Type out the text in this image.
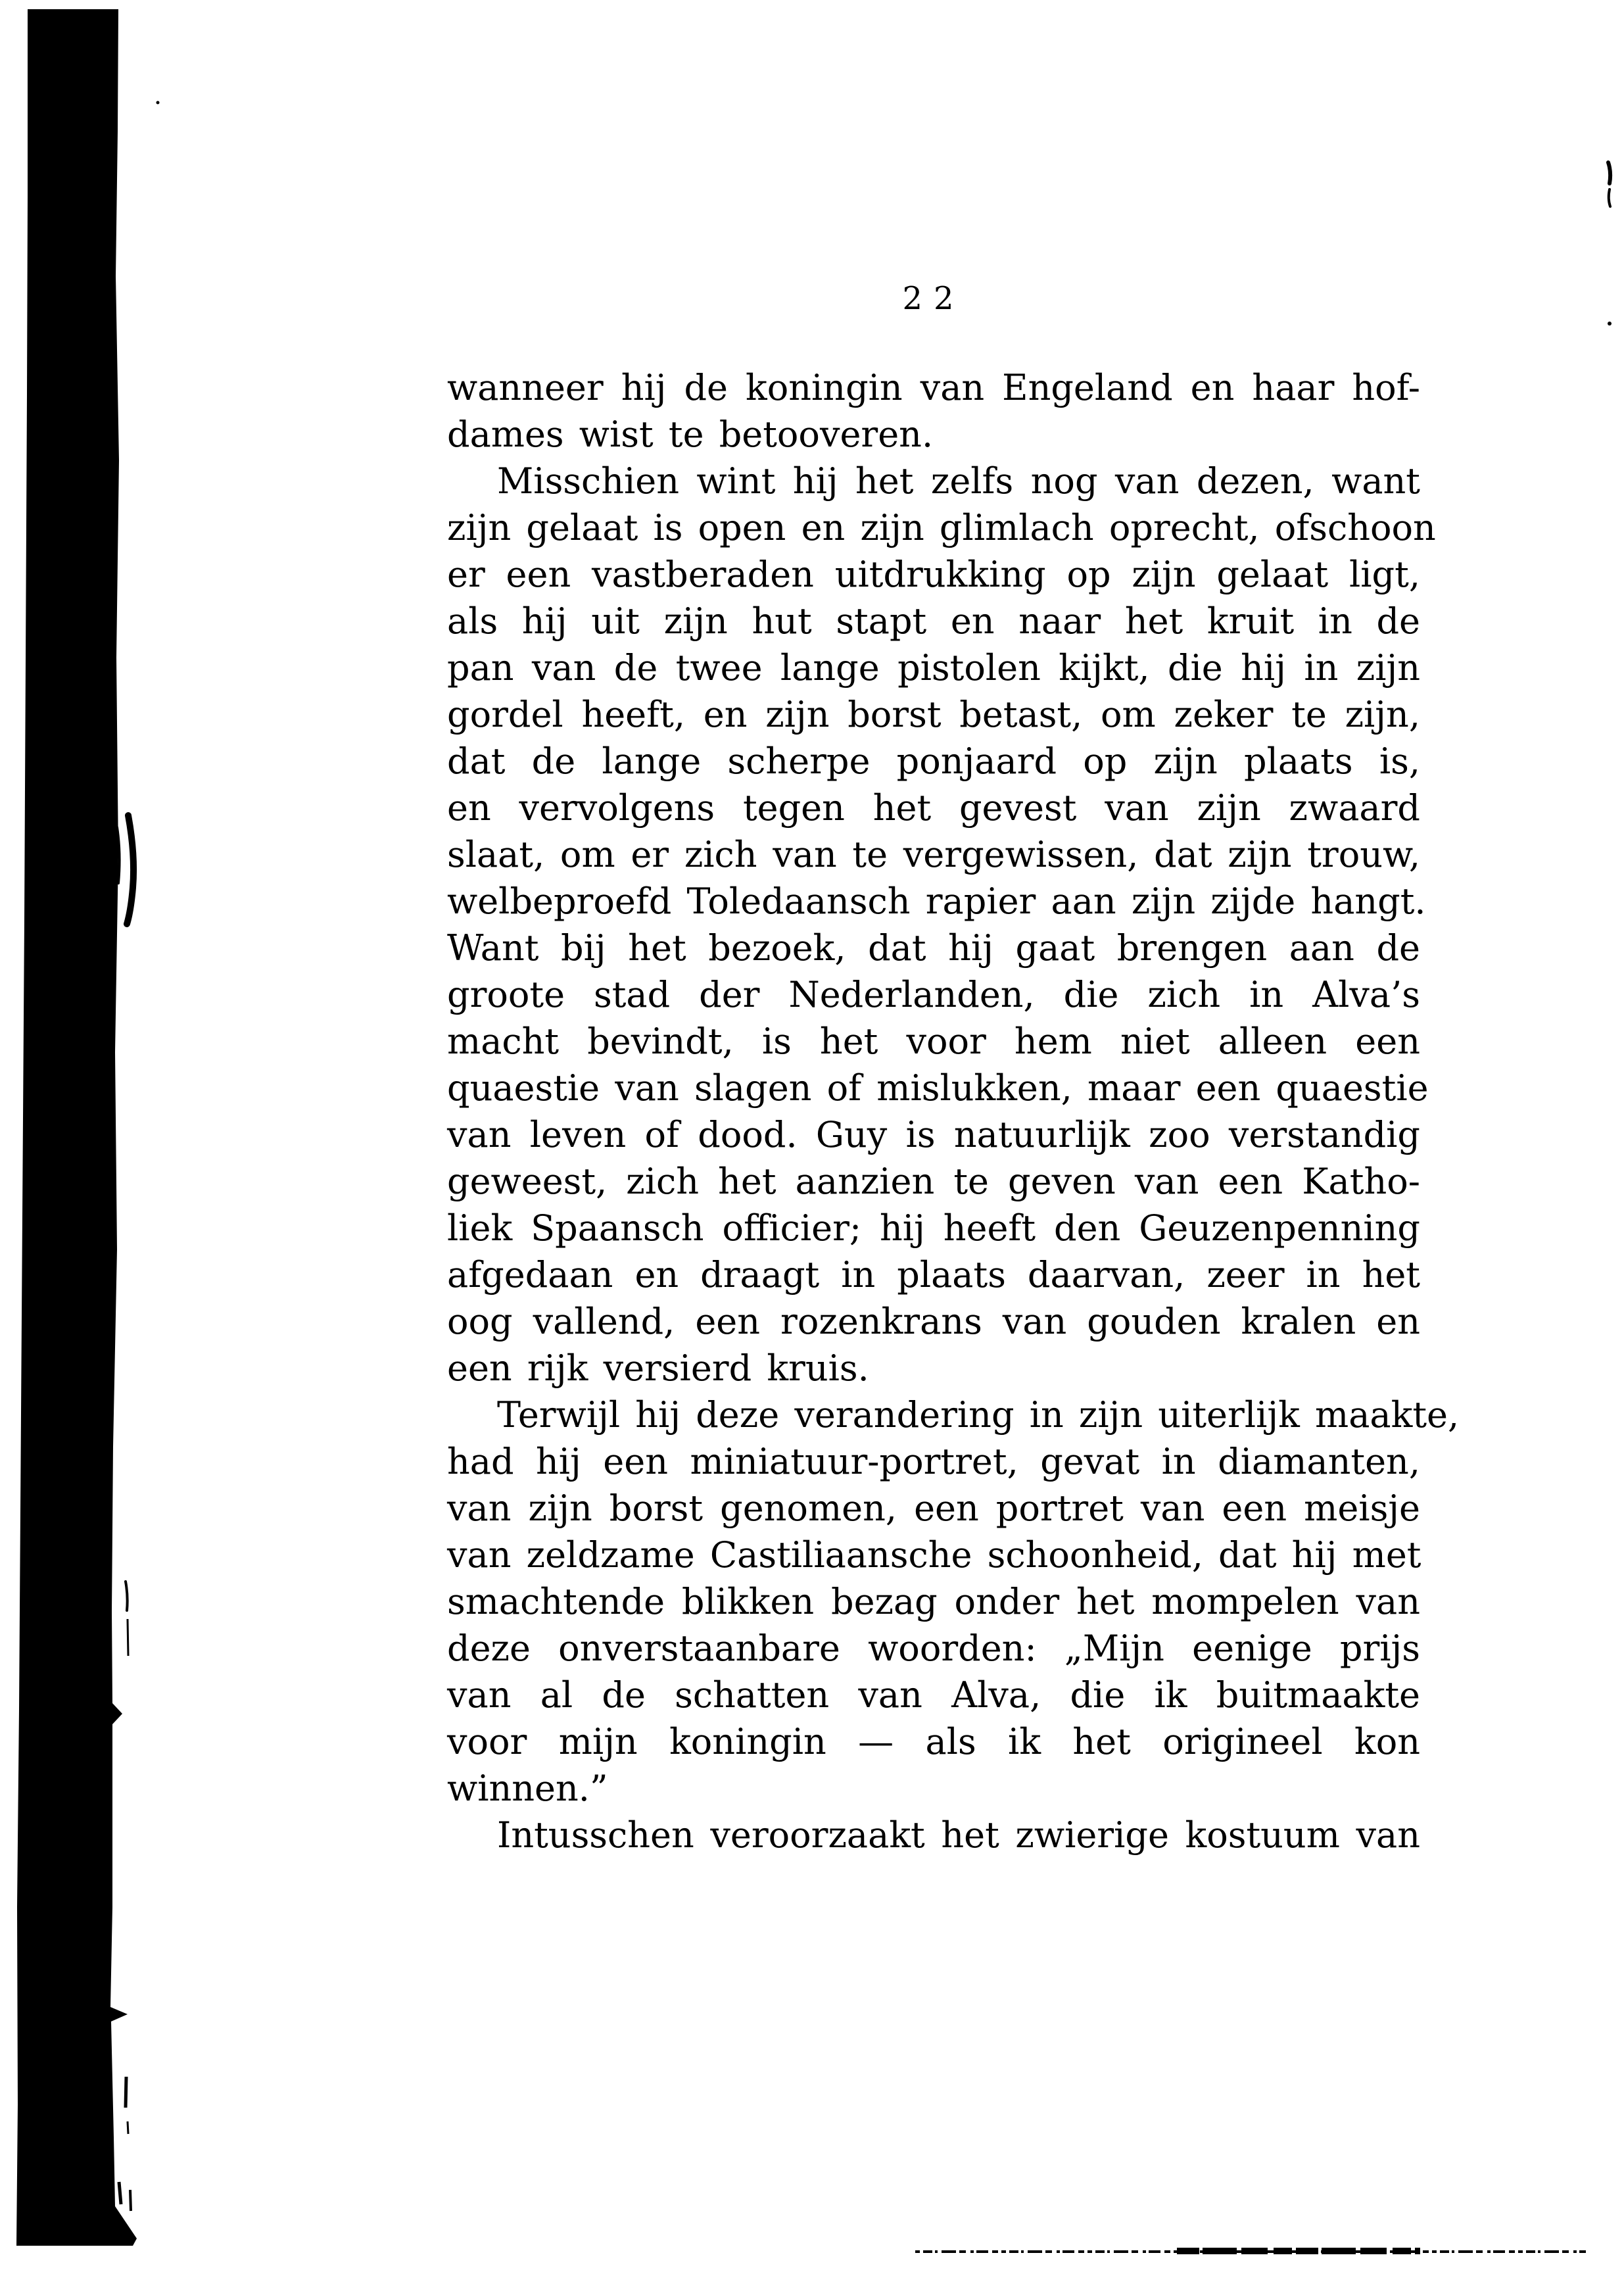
22
wanneer hij de koningin van Engeland en haar hof-
dames wist te betooveren.
Misschien wint hij het zelfs nog van dezen, want
zijn gelaat is open en zijn glimlach oprecht, ofschoon
er een vastberaden uitdrukking op zijn gelaat ligt,
als hij uit zijn hut stapt en naar het kruit in de
pan van de twee lange pistolen kijkt, die hij in zijn
gordel heeft, en zijn borst betast, om zeker te zijn,
dat de lange scherpe ponjaard op zijn plaats is,
en vervolgens tegen het gevest van zijn zwaard
slaat, om er zich van te vergewissen, dat zijn trouw,
welbeproefd Toledaansch rapier aan zijn zijde hangt.
Want bij het bezoek, dat hij gaat brengen aan de
groote stad der Nederlanden, die zich in Alva’s
macht bevindt, is het voor hem niet alleen een
quaestie van slagen of mislukken, maar een quaestie
van leven of dood. Guy is natuurlijk zoo verstandig
geweest, zich het aanzien te geven van een Katho-
liek Spaansch officier; hij heeft den Geuzenpenning
afgedaan en draagt in plaats daarvan, zeer in het
oog vallend, een rozenkrans van gouden kralen en
een rijk versierd kruis.
Terwijl hij deze verandering in zijn uiterlijk maakte,
had hij een miniatuur-portret, gevat in diamanten,
van zijn borst genomen, een portret van een meisje
van zeldzame Castiliaansche schoonheid, dat hij met
smachtende blikken bezag onder het mompelen van
deze onverstaanbare woorden: „Mijn eenige prijs
van al de schatten van Alva, die ik buitmaakte
voor mijn koningin — als ik het origineel kon
winnen.”
Intusschen veroorzaakt het zwierige kostuum van
